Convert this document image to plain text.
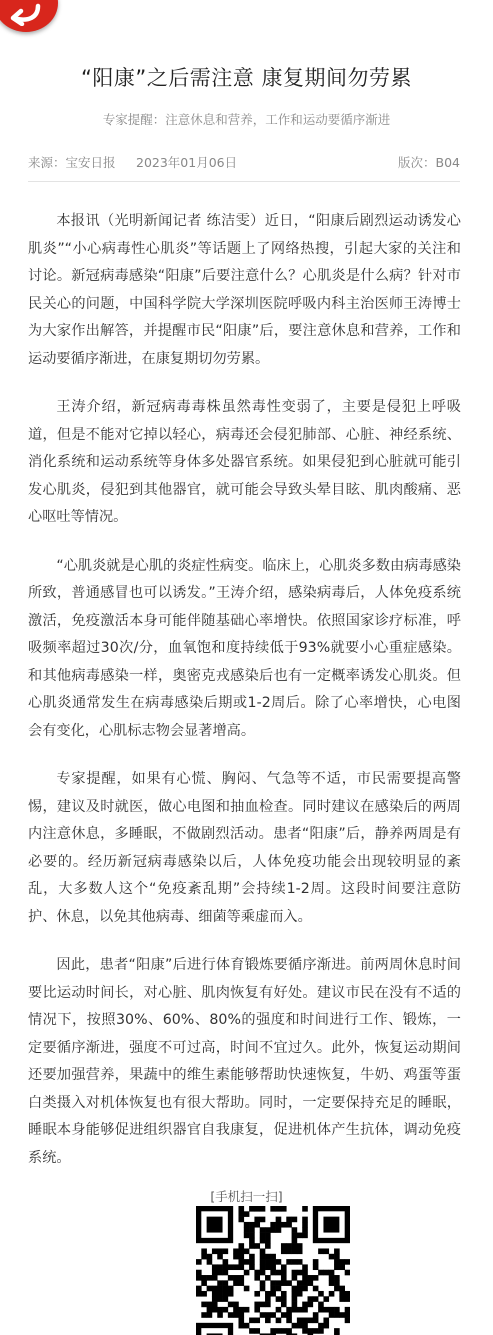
“阳康”之后需注意 康复期间勿劳累
专家提醒：注意休息和营养，工作和运动要循序渐进
来源：宝安日报 2023年01月06日	版次：B04

本报讯（光明新闻记者 练洁雯）近日，“阳康后剧烈运动诱发心肌炎”“小心病毒性心肌炎”等话题上了网络热搜，引起大家的关注和讨论。新冠病毒感染“阳康”后要注意什么？心肌炎是什么病？针对市民关心的问题，中国科学院大学深圳医院呼吸内科主治医师王涛博士为大家作出解答，并提醒市民“阳康”后，要注意休息和营养，工作和运动要循序渐进，在康复期切勿劳累。

王涛介绍，新冠病毒毒株虽然毒性变弱了，主要是侵犯上呼吸道，但是不能对它掉以轻心，病毒还会侵犯肺部、心脏、神经系统、消化系统和运动系统等身体多处器官系统。如果侵犯到心脏就可能引发心肌炎，侵犯到其他器官，就可能会导致头晕目眩、肌肉酸痛、恶心呕吐等情况。

“心肌炎就是心肌的炎症性病变。临床上，心肌炎多数由病毒感染所致，普通感冒也可以诱发。”王涛介绍，感染病毒后，人体免疫系统激活，免疫激活本身可能伴随基础心率增快。依照国家诊疗标准，呼吸频率超过30次/分，血氧饱和度持续低于93%就要小心重症感染。和其他病毒感染一样，奥密克戎感染后也有一定概率诱发心肌炎。但心肌炎通常发生在病毒感染后期或1-2周后。除了心率增快，心电图会有变化，心肌标志物会显著增高。

专家提醒，如果有心慌、胸闷、气急等不适，市民需要提高警惕，建议及时就医，做心电图和抽血检查。同时建议在感染后的两周内注意休息，多睡眠，不做剧烈活动。患者“阳康”后，静养两周是有必要的。经历新冠病毒感染以后，人体免疫功能会出现较明显的紊乱，大多数人这个“免疫紊乱期”会持续1-2周。这段时间要注意防护、休息，以免其他病毒、细菌等乘虚而入。

因此，患者“阳康”后进行体育锻炼要循序渐进。前两周休息时间要比运动时间长，对心脏、肌肉恢复有好处。建议市民在没有不适的情况下，按照30%、60%、80%的强度和时间进行工作、锻炼，一定要循序渐进，强度不可过高，时间不宜过久。此外，恢复运动期间还要加强营养，果蔬中的维生素能够帮助快速恢复，牛奶、鸡蛋等蛋白类摄入对机体恢复也有很大帮助。同时，一定要保持充足的睡眠，睡眠本身能够促进组织器官自我康复，促进机体产生抗体，调动免疫系统。

[手机扫一扫]
